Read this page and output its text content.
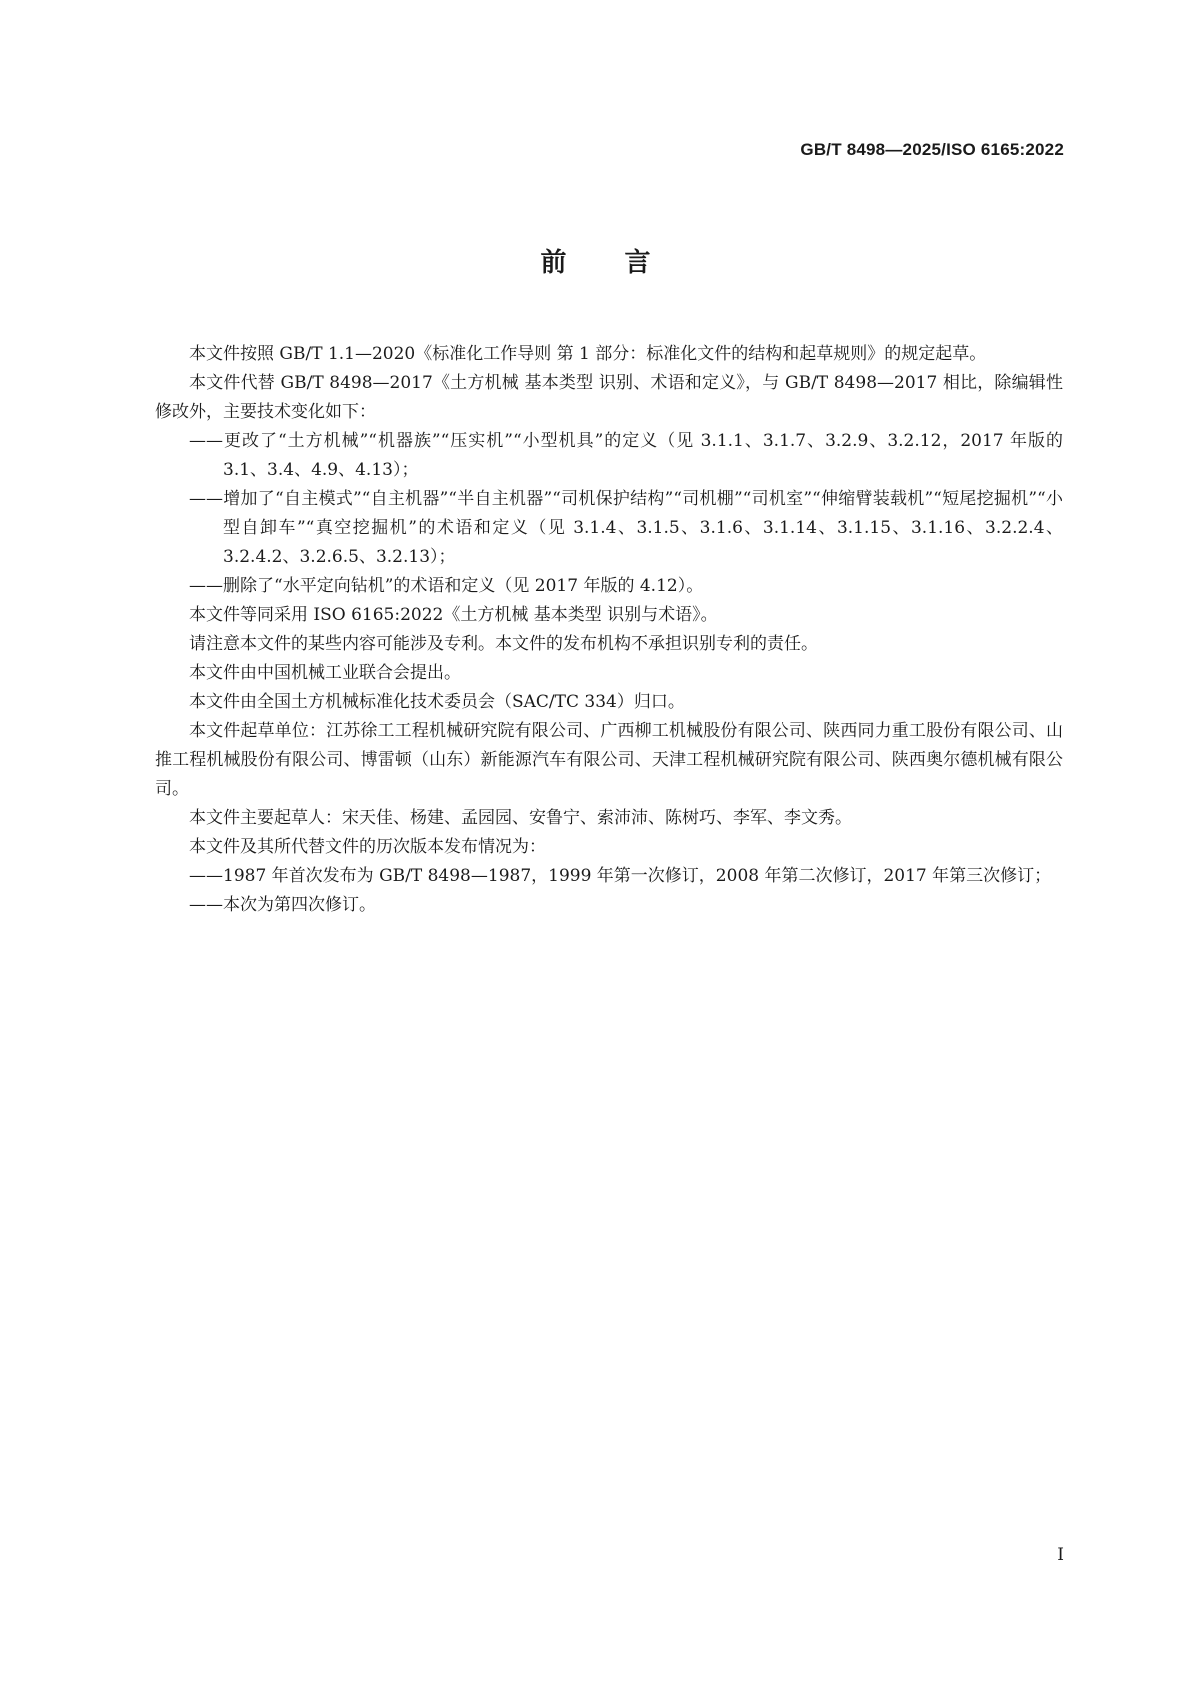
GB/T 8498—2025/ISO 6165:2022
前言

本文件按照 GB/T 1.1—2020《标准化工作导则 第 1 部分：标准化文件的结构和起草规则》的规定起草。

本文件代替 GB/T 8498—2017《土方机械 基本类型 识别、术语和定义》，与 GB/T 8498—2017 相比，除编辑性修改外，主要技术变化如下：

——更改了“土方机械”“机器族”“压实机”“小型机具”的定义（见 3.1.1、3.1.7、3.2.9、3.2.12，2017 年版的 3.1、3.4、4.9、4.13）；

——增加了“自主模式”“自主机器”“半自主机器”“司机保护结构”“司机棚”“司机室”“伸缩臂装载机”“短尾挖掘机”“小型自卸车”“真空挖掘机”的术语和定义（见 3.1.4、3.1.5、3.1.6、3.1.14、3.1.15、3.1.16、3.2.2.4、3.2.4.2、3.2.6.5、3.2.13）；

——删除了“水平定向钻机”的术语和定义（见 2017 年版的 4.12）。

本文件等同采用 ISO 6165:2022《土方机械 基本类型 识别与术语》。

请注意本文件的某些内容可能涉及专利。本文件的发布机构不承担识别专利的责任。

本文件由中国机械工业联合会提出。

本文件由全国土方机械标准化技术委员会（SAC/TC 334）归口。

本文件起草单位：江苏徐工工程机械研究院有限公司、广西柳工机械股份有限公司、陕西同力重工股份有限公司、山推工程机械股份有限公司、博雷顿（山东）新能源汽车有限公司、天津工程机械研究院有限公司、陕西奥尔德机械有限公司。

本文件主要起草人：宋天佳、杨建、孟园园、安鲁宁、索沛沛、陈树巧、李军、李文秀。

本文件及其所代替文件的历次版本发布情况为：

——1987 年首次发布为 GB/T 8498—1987，1999 年第一次修订，2008 年第二次修订，2017 年第三次修订；

——本次为第四次修订。

I
